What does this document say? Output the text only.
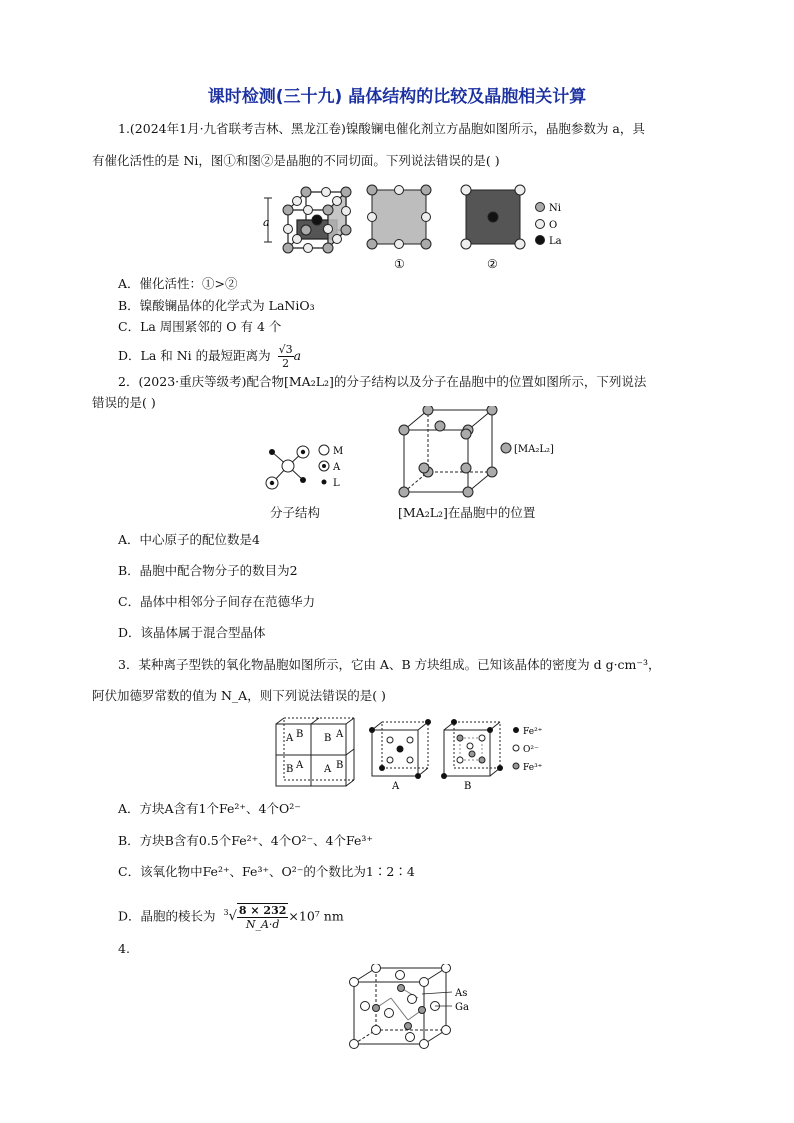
课时检测(三十九) 晶体结构的比较及晶胞相关计算
1.(2024年1月·九省联考吉林、黑龙江卷)镍酸镧电催化剂立方晶胞如图所示，晶胞参数为 a，具
有催化活性的是 Ni，图①和图②是晶胞的不同切面。下列说法错误的是( )
a
①	②
Ni
O
La
A．催化活性：①>②
B．镍酸镧晶体的化学式为 LaNiO₃
C．La 周围紧邻的 O 有 4 个
D．La 和 Ni 的最短距离为 $\frac{√3}{2}$ a
2．(2023·重庆等级考)配合物[MA₂L₂]的分子结构以及分子在晶胞中的位置如图所示，下列说法
错误的是( )
M
A
L
分子结构
[MA₂L₂]
[MA₂L₂]在晶胞中的位置
A．中心原子的配位数是4
B．晶胞中配合物分子的数目为2
C．晶体中相邻分子间存在范德华力
D．该晶体属于混合型晶体
3．某种离子型铁的氧化物晶胞如图所示，它由 A、B 方块组成。已知该晶体的密度为 d g·cm⁻³，
阿伏加德罗常数的值为 N_A，则下列说法错误的是( )
A B B A
B A A B
A	B
Fe²⁺
O²⁻
Fe³⁺
A．方块A含有1个Fe²⁺、4个O²⁻
B．方块B含有0.5个Fe²⁺、4个O²⁻、4个Fe³⁺
C．该氧化物中Fe²⁺、Fe³⁺、O²⁻的个数比为1∶2∶4
D．晶胞的棱长为 $^3√ \frac{8 \times 232}{N\_A\cdot d} \times 10^7$ nm
4.
As
Ga
